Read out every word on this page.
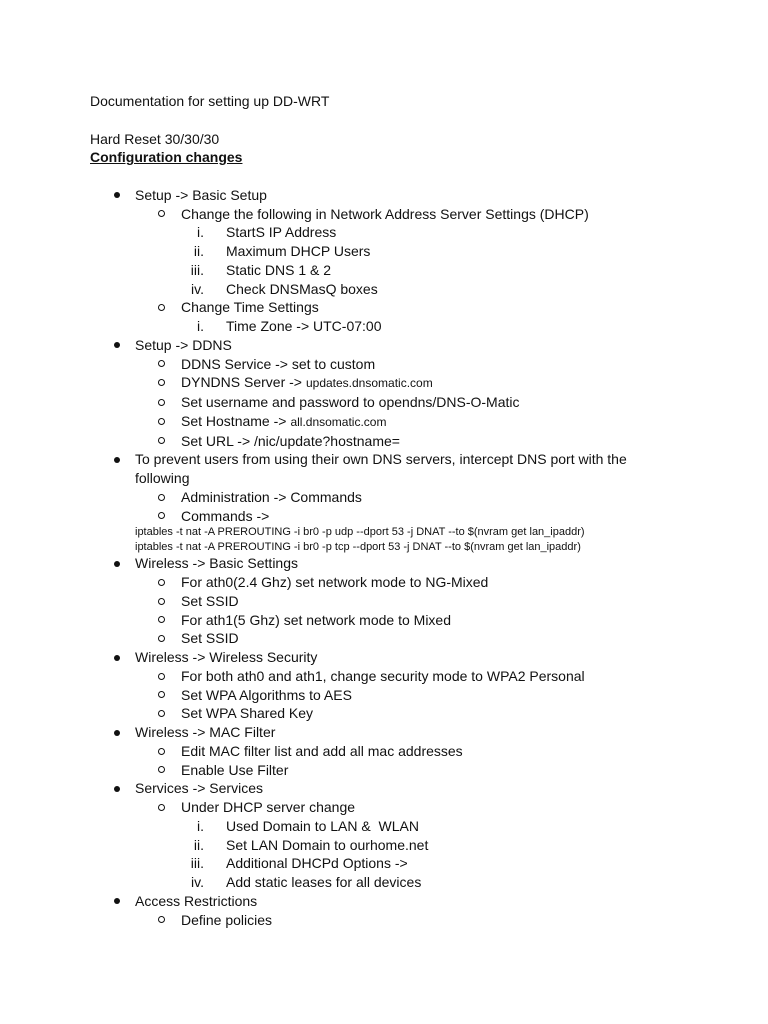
Documentation for setting up DD-WRT
Hard Reset 30/30/30
Configuration changes
Setup -> Basic Setup
Change the following in Network Address Server Settings (DHCP)
i. StartS IP Address
ii. Maximum DHCP Users
iii. Static DNS 1 & 2
iv. Check DNSMasQ boxes
Change Time Settings
i. Time Zone -> UTC-07:00
Setup -> DDNS
DDNS Service -> set to custom
DYNDNS Server -> updates.dnsomatic.com
Set username and password to opendns/DNS-O-Matic
Set Hostname -> all.dnsomatic.com
Set URL -> /nic/update?hostname=
To prevent users from using their own DNS servers, intercept DNS port with the following
Administration -> Commands
Commands ->
iptables -t nat -A PREROUTING -i br0 -p udp --dport 53 -j DNAT --to $(nvram get lan_ipaddr)
iptables -t nat -A PREROUTING -i br0 -p tcp --dport 53 -j DNAT --to $(nvram get lan_ipaddr)
Wireless -> Basic Settings
For ath0(2.4 Ghz) set network mode to NG-Mixed
Set SSID
For ath1(5 Ghz) set network mode to Mixed
Set SSID
Wireless -> Wireless Security
For both ath0 and ath1, change security mode to WPA2 Personal
Set WPA Algorithms to AES
Set WPA Shared Key
Wireless -> MAC Filter
Edit MAC filter list and add all mac addresses
Enable Use Filter
Services -> Services
Under DHCP server change
i. Used Domain to LAN &  WLAN
ii. Set LAN Domain to ourhome.net
iii. Additional DHCPd Options ->
iv. Add static leases for all devices
Access Restrictions
Define policies
